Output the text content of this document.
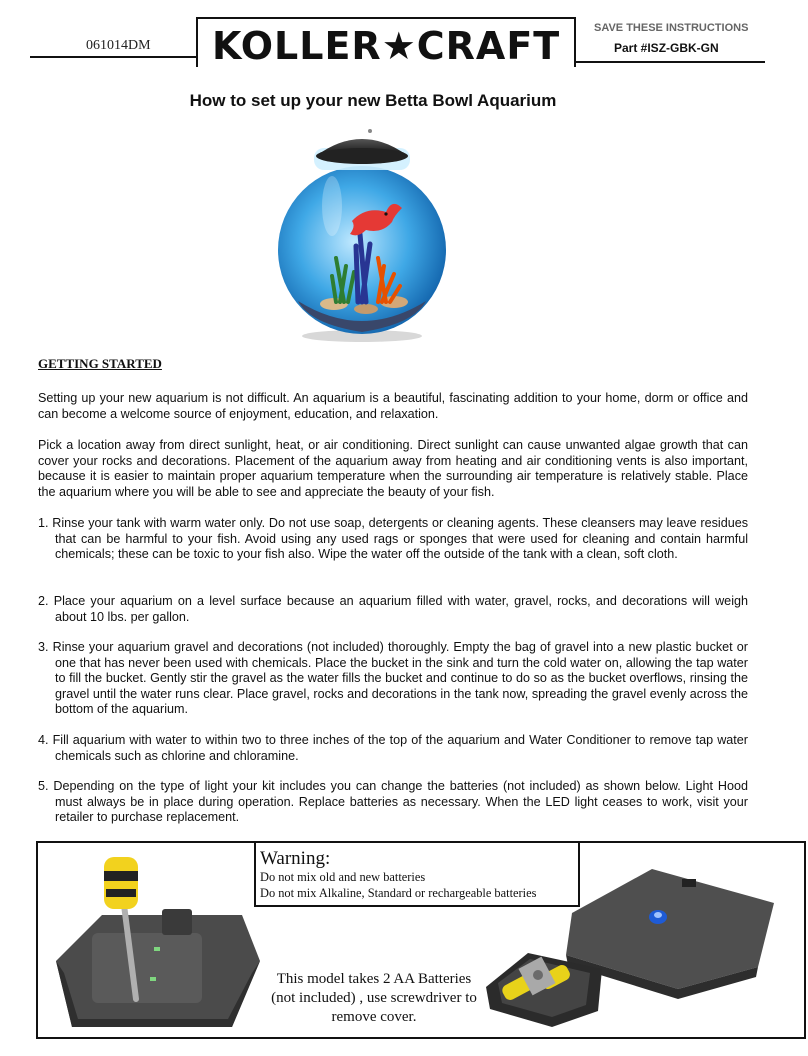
061014DM KOLLER★CRAFT	SAVE THESE INSTRUCTIONS
Part #ISZ-GBK-GN
How to set up your new Betta Bowl Aquarium
GETTING STARTED

Setting up your new aquarium is not difficult. An aquarium is a beautiful, fascinating addition to your home, dorm or office and can become a welcome source of enjoyment, education, and relaxation.

Pick a location away from direct sunlight, heat, or air conditioning. Direct sunlight can cause unwanted algae growth that can cover your rocks and decorations. Placement of the aquarium away from heating and air conditioning vents is also important, because it is easier to maintain proper aquarium temperature when the surrounding air temperature is relatively stable. Place the aquarium where you will be able to see and appreciate the beauty of your fish.

1. Rinse your tank with warm water only. Do not use soap, detergents or cleaning agents. These cleansers may leave residues that can be harmful to your fish. Avoid using any used rags or sponges that were used for cleaning and contain harmful chemicals; these can be toxic to your fish also. Wipe the water off the outside of the tank with a clean, soft cloth.

2. Place your aquarium on a level surface because an aquarium filled with water, gravel, rocks, and decorations will weigh about 10 lbs. per gallon.

3. Rinse your aquarium gravel and decorations (not included) thoroughly. Empty the bag of gravel into a new plastic bucket or one that has never been used with chemicals. Place the bucket in the sink and turn the cold water on, allowing the tap water to fill the bucket. Gently stir the gravel as the water fills the bucket and continue to do so as the bucket overflows, rinsing the gravel until the water runs clear. Place gravel, rocks and decorations in the tank now, spreading the gravel evenly across the bottom of the aquarium.

4. Fill aquarium with water to within two to three inches of the top of the aquarium and Water Conditioner to remove tap water chemicals such as chlorine and chloramine.

5. Depending on the type of light your kit includes you can change the batteries (not included) as shown below. Light Hood must always be in place during operation. Replace batteries as necessary. When the LED light ceases to work, visit your retailer to purchase replacement.

Warning:
Do not mix old and new batteries
Do not mix Alkaline, Standard or rechargeable batteries
This model takes 2 AA Batteries (not included) , use screwdriver to remove cover.
